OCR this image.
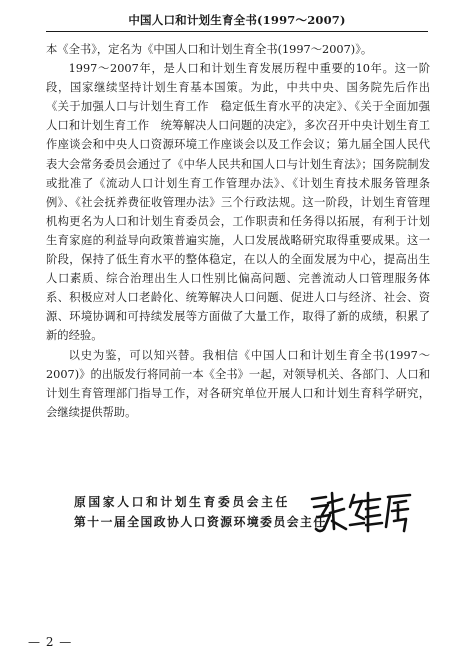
中国人口和计划生育全书(1997～2007)

本《全书》，定名为《中国人口和计划生育全书(1997～2007)》。

1997～2007年，是人口和计划生育发展历程中重要的10年。这一阶段，国家继续坚持计划生育基本国策。为此，中共中央、国务院先后作出《关于加强人口与计划生育工作　稳定低生育水平的决定》、《关于全面加强人口和计划生育工作　统筹解决人口问题的决定》，多次召开中央计划生育工作座谈会和中央人口资源环境工作座谈会以及工作会议；第九届全国人民代表大会常务委员会通过了《中华人民共和国人口与计划生育法》；国务院制发或批准了《流动人口计划生育工作管理办法》、《计划生育技术服务管理条例》、《社会抚养费征收管理办法》三个行政法规。这一阶段，计划生育管理机构更名为人口和计划生育委员会，工作职责和任务得以拓展，有利于计划生育家庭的利益导向政策普遍实施，人口发展战略研究取得重要成果。这一阶段，保持了低生育水平的整体稳定，在以人的全面发展为中心，提高出生人口素质、综合治理出生人口性别比偏高问题、完善流动人口管理服务体系、积极应对人口老龄化、统筹解决人口问题、促进人口与经济、社会、资源、环境协调和可持续发展等方面做了大量工作，取得了新的成绩，积累了新的经验。

以史为鉴，可以知兴替。我相信《中国人口和计划生育全书(1997～2007)》的出版发行将同前一本《全书》一起，对领导机关、各部门、人口和计划生育管理部门指导工作，对各研究单位开展人口和计划生育科学研究，会继续提供帮助。

原国家人口和计划生育委员会主任
第十一届全国政协人口资源环境委员会主任
— 2 —
